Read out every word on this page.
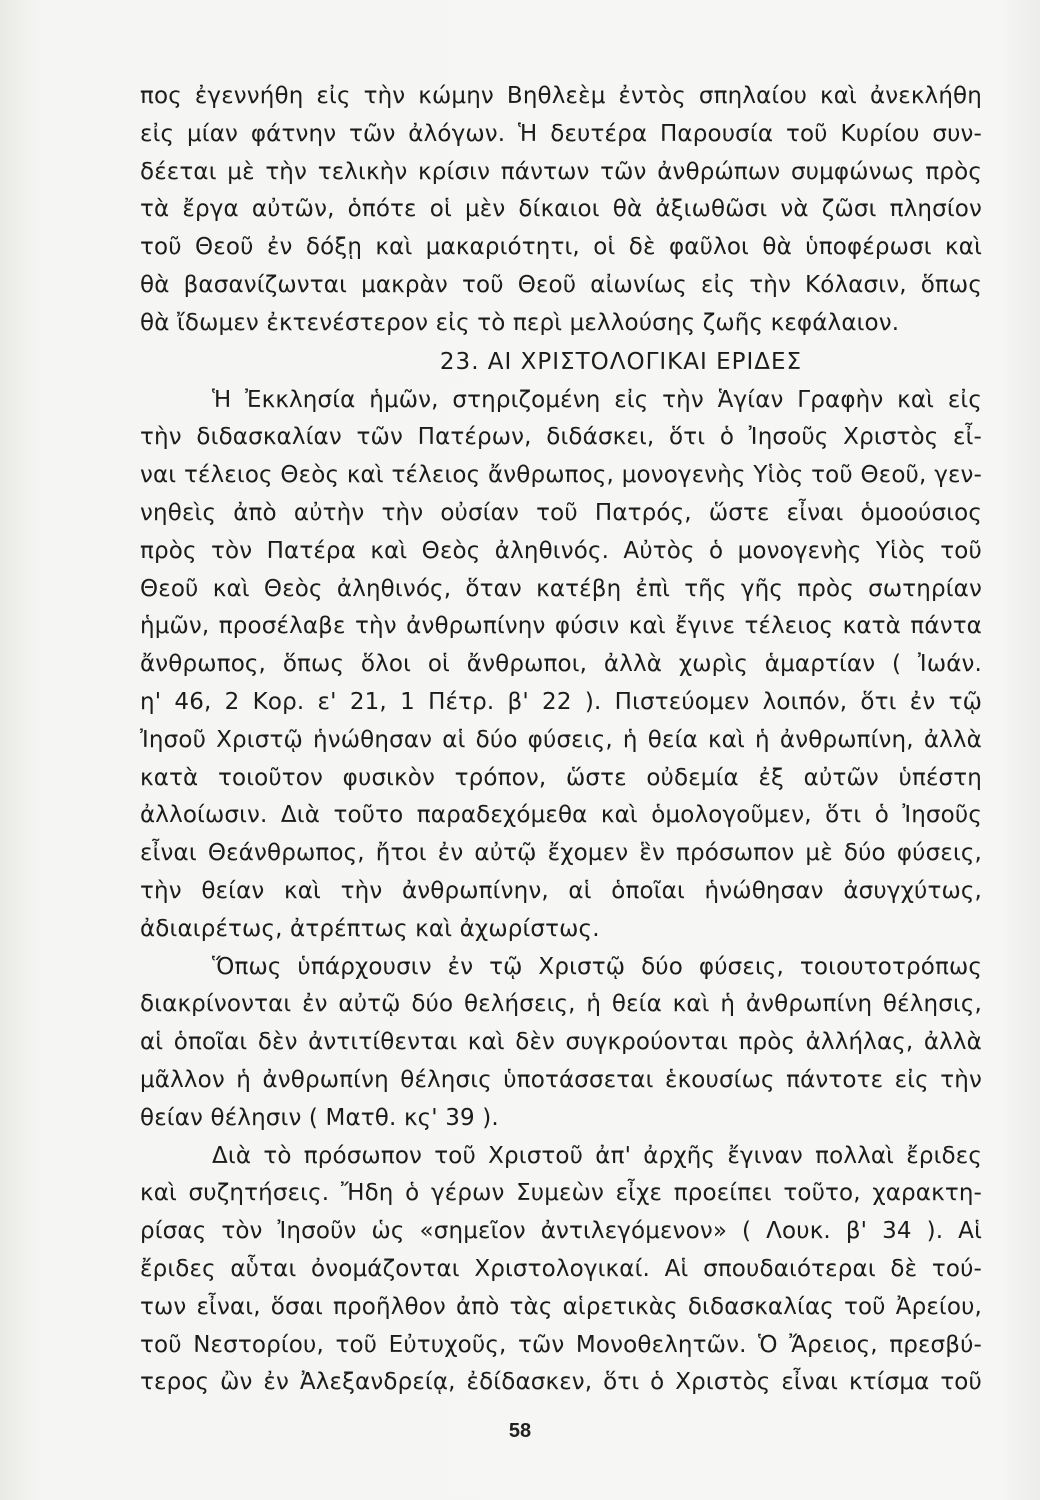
πος ἐγεννήθη εἰς τὴν κώμην Βηθλεὲμ ἐντὸς σπηλαίου καὶ ἀνεκλήθη
εἰς μίαν φάτνην τῶν ἀλόγων. Ἡ δευτέρα Παρουσία τοῦ Κυρίου συν-
δέεται μὲ τὴν τελικὴν κρίσιν πάντων τῶν ἀνθρώπων συμφώνως πρὸς
τὰ ἔργα αὐτῶν, ὁπότε οἱ μὲν δίκαιοι θὰ ἀξιωθῶσι νὰ ζῶσι πλησίον
τοῦ Θεοῦ ἐν δόξῃ καὶ μακαριότητι, οἱ δὲ φαῦλοι θὰ ὑποφέρωσι καὶ
θὰ βασανίζωνται μακρὰν τοῦ Θεοῦ αἰωνίως εἰς τὴν Κόλασιν, ὅπως
θὰ ἴδωμεν ἐκτενέστερον εἰς τὸ περὶ μελλούσης ζωῆς κεφάλαιον.
23. ΑΙ ΧΡΙΣΤΟΛΟΓΙΚΑΙ ΕΡΙΔΕΣ
Ἡ Ἐκκλησία ἡμῶν, στηριζομένη εἰς τὴν Ἁγίαν Γραφὴν καὶ εἰς
τὴν διδασκαλίαν τῶν Πατέρων, διδάσκει, ὅτι ὁ Ἰησοῦς Χριστὸς εἶ-
ναι τέλειος Θεὸς καὶ τέλειος ἄνθρωπος, μονογενὴς Υἱὸς τοῦ Θεοῦ, γεν-
νηθεὶς ἀπὸ αὐτὴν τὴν οὐσίαν τοῦ Πατρός, ὥστε εἶναι ὁμοούσιος
πρὸς τὸν Πατέρα καὶ Θεὸς ἀληθινός. Αὐτὸς ὁ μονογενὴς Υἱὸς τοῦ
Θεοῦ καὶ Θεὸς ἀληθινός, ὅταν κατέβη ἐπὶ τῆς γῆς πρὸς σωτηρίαν
ἡμῶν, προσέλαβε τὴν ἀνθρωπίνην φύσιν καὶ ἔγινε τέλειος κατὰ πάντα
ἄνθρωπος, ὅπως ὅλοι οἱ ἄνθρωποι, ἀλλὰ χωρὶς ἁμαρτίαν ( Ἰωάν.
η' 46, 2 Κορ. ε' 21, 1 Πέτρ. β' 22 ). Πιστεύομεν λοιπόν, ὅτι ἐν τῷ
Ἰησοῦ Χριστῷ ἡνώθησαν αἱ δύο φύσεις, ἡ θεία καὶ ἡ ἀνθρωπίνη, ἀλλὰ
κατὰ τοιοῦτον φυσικὸν τρόπον, ὥστε οὐδεμία ἐξ αὐτῶν ὑπέστη
ἀλλοίωσιν. Διὰ τοῦτο παραδεχόμεθα καὶ ὁμολογοῦμεν, ὅτι ὁ Ἰησοῦς
εἶναι Θεάνθρωπος, ἤτοι ἐν αὐτῷ ἔχομεν ἓν πρόσωπον μὲ δύο φύσεις,
τὴν θείαν καὶ τὴν ἀνθρωπίνην, αἱ ὁποῖαι ἡνώθησαν ἀσυγχύτως,
ἀδιαιρέτως, ἀτρέπτως καὶ ἀχωρίστως.
Ὅπως ὑπάρχουσιν ἐν τῷ Χριστῷ δύο φύσεις, τοιουτοτρόπως
διακρίνονται ἐν αὐτῷ δύο θελήσεις, ἡ θεία καὶ ἡ ἀνθρωπίνη θέλησις,
αἱ ὁποῖαι δὲν ἀντιτίθενται καὶ δὲν συγκρούονται πρὸς ἀλλήλας, ἀλλὰ
μᾶλλον ἡ ἀνθρωπίνη θέλησις ὑποτάσσεται ἑκουσίως πάντοτε εἰς τὴν
θείαν θέλησιν ( Ματθ. κς' 39 ).
Διὰ τὸ πρόσωπον τοῦ Χριστοῦ ἀπ' ἀρχῆς ἔγιναν πολλαὶ ἔριδες
καὶ συζητήσεις. Ἤδη ὁ γέρων Συμεὼν εἶχε προείπει τοῦτο, χαρακτη-
ρίσας τὸν Ἰησοῦν ὡς «σημεῖον ἀντιλεγόμενον» ( Λουκ. β' 34 ). Αἱ
ἔριδες αὗται ὀνομάζονται Χριστολογικαί. Αἱ σπουδαιότεραι δὲ τού-
των εἶναι, ὅσαι προῆλθον ἀπὸ τὰς αἱρετικὰς διδασκαλίας τοῦ Ἀρείου,
τοῦ Νεστορίου, τοῦ Εὐτυχοῦς, τῶν Μονοθελητῶν. Ὁ Ἄρειος, πρεσβύ-
τερος ὢν ἐν Ἀλεξανδρείᾳ, ἐδίδασκεν, ὅτι ὁ Χριστὸς εἶναι κτίσμα τοῦ
58
